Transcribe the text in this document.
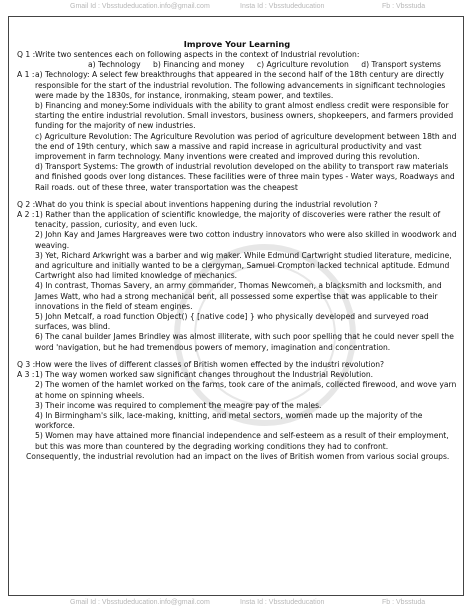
Gmail Id : Vbsstudeducation.info@gmail.com	Insta Id : Vbsstudeducation	Fb : Vbsstuda
Improve Your Learning
Q 1 : Write two sentences each on following aspects in the context of Industrial revolution:
a) Technology b) Financing and money c) Agriculture revolution d) Transport systems
A 1 : a) Technology: A select few breakthroughs that appeared in the second half of the 18th century are directly responsible for the start of the industrial revolution. The following advancements in significant technologies were made by the 1830s, for instance, ironmaking, steam power, and textiles.
b) Financing and money:Some individuals with the ability to grant almost endless credit were responsible for starting the entire industrial revolution. Small investors, business owners, shopkeepers, and farmers provided funding for the majority of new industries.
c) Agriculture Revolution: The Agriculture Revolution was period of agriculture development between 18th and the end of 19th century, which saw a massive and rapid increase in agricultural productivity and vast improvement in farm technology. Many inventions were created and improved during this revolution.
d) Transport Systems: The growth of industrial revolution developed on the ability to transport raw materials and finished goods over long distances. These facilities were of three main types - Water ways, Roadways and Rail roads. out of these three, water transportation was the cheapest
Q 2 : What do you think is special about inventions happening during the industrial revolution ?
A 2 : 1) Rather than the application of scientific knowledge, the majority of discoveries were rather the result of tenacity, passion, curiosity, and even luck.
2) John Kay and James Hargreaves were two cotton industry innovators who were also skilled in woodwork and weaving.
3) Yet, Richard Arkwright was a barber and wig maker. While Edmund Cartwright studied literature, medicine, and agriculture and initially wanted to be a clergyman, Samuel Crompton lacked technical aptitude. Edmund Cartwright also had limited knowledge of mechanics.
4) In contrast, Thomas Savery, an army commander, Thomas Newcomen, a blacksmith and locksmith, and James Watt, who had a strong mechanical bent, all possessed some expertise that was applicable to their innovations in the field of steam engines.
5) John Metcalf, a road function Object() { [native code] } who physically developed and surveyed road surfaces, was blind.
6) The canal builder James Brindley was almost illiterate, with such poor spelling that he could never spell the word 'navigation, but he had tremendous powers of memory, imagination and concentration.
Q 3 : How were the lives of different classes of British women effected by the industri revolution?
A 3 : 1) The way women worked saw significant changes throughout the Industrial Revolution.
2) The women of the hamlet worked on the farms, took care of the animals, collected firewood, and wove yarn at home on spinning wheels.
3) Their income was required to complement the meagre pay of the males.
4) In Birmingham's silk, lace-making, knitting, and metal sectors, women made up the majority of the workforce.
5) Women may have attained more financial independence and self-esteem as a result of their employment, but this was more than countered by the degrading working conditions they had to confront.
Consequently, the industrial revolution had an impact on the lives of British women from various social groups.
Gmail Id : Vbsstudeducation.info@gmail.com	Insta Id : Vbsstudeducation	Fb : Vbsstuda
